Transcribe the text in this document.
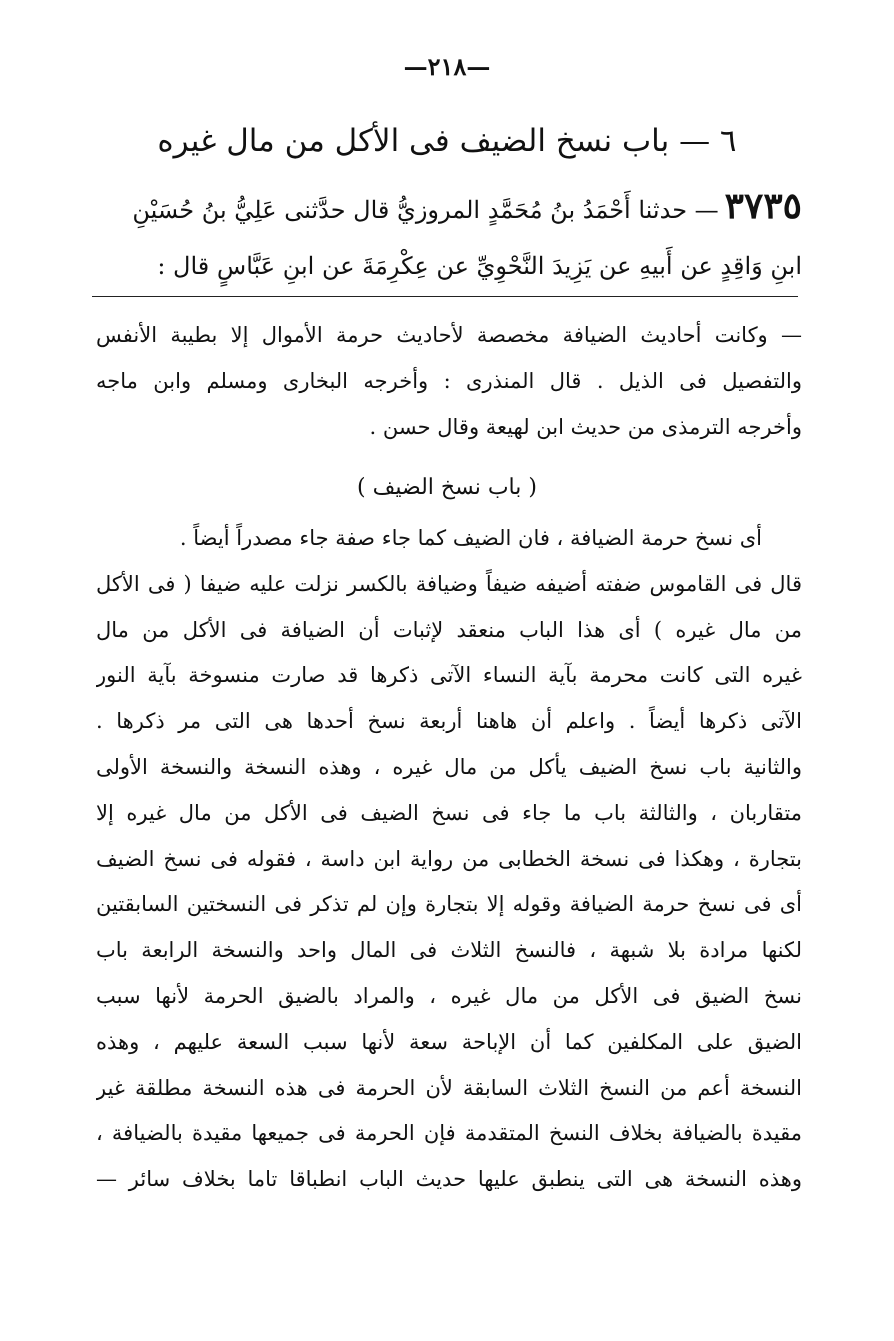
—٢١٨—
٦ — باب نسخ الضيف فى الأكل من مال غيره
٣٧٣٥— حدثنا أَحْمَدُ بنُ مُحَمَّدٍ المروزيُّ قال حدَّثنى عَلِيُّ بنُ حُسَيْنِ
ابنِ وَاقِدٍ عن أَبيهِ عن يَزِيدَ النَّحْوِيِّ عن عِكْرِمَةَ عن ابنِ عَبَّاسٍ قال :
— وكانت أحاديث الضيافة مخصصة لأحاديث حرمة الأموال إلا بطيبة الأنفس
والتفصيل فى الذيل . قال المنذرى : وأخرجه البخارى ومسلم وابن ماجه
وأخرجه الترمذى من حديث ابن لهيعة وقال حسن .
( باب نسخ الضيف )
أى نسخ حرمة الضيافة ، فان الضيف كما جاء صفة جاء مصدراً أيضاً .
قال فى القاموس ضفته أضيفه ضيفاً وضيافة بالكسر نزلت عليه ضيفا ( فى الأكل
من مال غيره ) أى هذا الباب منعقد لإثبات أن الضيافة فى الأكل من مال
غيره التى كانت محرمة بآية النساء الآتى ذكرها قد صارت منسوخة بآية النور
الآتى ذكرها أيضاً . واعلم أن هاهنا أربعة نسخ أحدها هى التى مر ذكرها .
والثانية باب نسخ الضيف يأكل من مال غيره ، وهذه النسخة والنسخة الأولى
متقاربان ، والثالثة باب ما جاء فى نسخ الضيف فى الأكل من مال غيره إلا
بتجارة ، وهكذا فى نسخة الخطابى من رواية ابن داسة ، فقوله فى نسخ الضيف
أى فى نسخ حرمة الضيافة وقوله إلا بتجارة وإن لم تذكر فى النسختين السابقتين
لكنها مرادة بلا شبهة ، فالنسخ الثلاث فى المال واحد والنسخة الرابعة باب
نسخ الضيق فى الأكل من مال غيره ، والمراد بالضيق الحرمة لأنها سبب
الضيق على المكلفين كما أن الإباحة سعة لأنها سبب السعة عليهم ، وهذه
النسخة أعم من النسخ الثلاث السابقة لأن الحرمة فى هذه النسخة مطلقة غير
مقيدة بالضيافة بخلاف النسخ المتقدمة فإن الحرمة فى جميعها مقيدة بالضيافة ،
وهذه النسخة هى التى ينطبق عليها حديث الباب انطباقا تاما بخلاف سائر —
